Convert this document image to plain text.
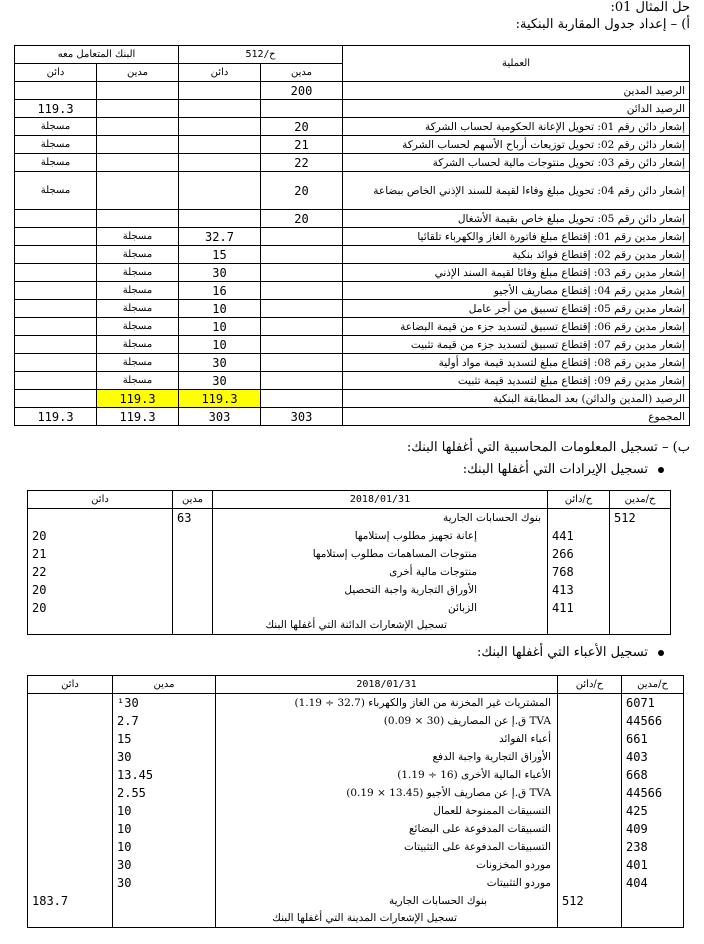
حل المثال 01:
أ) – إعداد جدول المقاربة البنكية:
البنك المتعامل معه		ح/512		العملية
دائن	مدين	دائن	مدين	
			200	الرصيد المدين
119.3				الرصيد الدائن
مسجلة			20	إشعار دائن رقم 01: تحويل الإعانة الحكومية لحساب الشركة
مسجلة			21	إشعار دائن رقم 02: تحويل توزيعات أرباح الأسهم لحساب الشركة
مسجلة			22	إشعار دائن رقم 03: تحويل منتوجات مالية لحساب الشركة
مسجلة			20	إشعار دائن رقم 04: تحويل مبلغ وفاءا لقيمة للسند الإذني الخاص ببضاعة
			20	إشعار دائن رقم 05: تحويل مبلغ خاص بقيمة الأشغال
	مسجلة	32.7		إشعار مدين رقم 01: إقتطاع مبلغ فاتورة الغاز والكهرباء تلقائيا
	مسجلة	15		إشعار مدين رقم 02: إقتطاع فوائد بنكية
	مسجلة	30		إشعار مدين رقم 03: إقتطاع مبلغ وفائا لقيمة السند الإذني
	مسجلة	16		إشعار مدين رقم 04: إقتطاع مصاريف الأجيو
	مسجلة	10		إشعار مدين رقم 05: إقتطاع تسبيق من أجر عامل
	مسجلة	10		إشعار مدين رقم 06: إقتطاع تسبيق لتسديد جزء من قيمة البضاعة
	مسجلة	10		إشعار مدين رقم 07: إقتطاع تسبيق لتسديد جزء من قيمة تثبيت
	مسجلة	30		إشعار مدين رقم 08: إقتطاع مبلغ لتسديد قيمة مواد أولية
	مسجلة	30		إشعار مدين رقم 09: إقتطاع مبلغ لتسديد قيمة تثبيت
	119.3	119.3		الرصيد (المدين والدائن) بعد المطابقة البنكية
119.3	119.3	303	303	المجموع
ب) – تسجيل المعلومات المحاسبية التي أغفلها البنك:
تسجيل الإيرادات التي أغفلها البنك:
دائن	مدين	2018/01/31	ح/دائن	ح/مدين
	63	بنوك الحسابات الجارية		512
20		إعانة تجهيز مطلوب إستلامها	441	
21		منتوجات المساهمات مطلوب إستلامها	266	
22		منتوجات مالية أخرى	768	
20		الأوراق التجارية واجبة التحصيل	413	
20		الزبائن	411	
		تسجيل الإشعارات الدائنة التي أغفلها البنك		
تسجيل الأعباء التي أغفلها البنك:
دائن	مدين	2018/01/31	ح/دائن	ح/مدين
	¹30	المشتريات غير المخزنة من الغاز والكهرباء (32.7 ÷ 1.19)		6071
	2.7	TVA ق.إ عن المصاريف (30 × 0.09)		44566
	15	أعباء الفوائد		661
	30	الأوراق التجارية واجبة الدفع		403
	13.45	الأعباء المالية الأخرى (16 ÷ 1.19)		668
	2.55	TVA ق.إ عن مصاريف الأجيو (13.45 × 0.19)		44566
	10	التسبيقات الممنوحة للعمال		425
	10	التسبيقات المدفوعة على البضائع		409
	10	التسبيقات المدفوعة على التثبيتات		238
	30	موردو المخزونات		401
	30	موردو التثبيتات		404
183.7		بنوك الحسابات الجارية	512	
		تسجيل الإشعارات المدينة التي أغفلها البنك		
